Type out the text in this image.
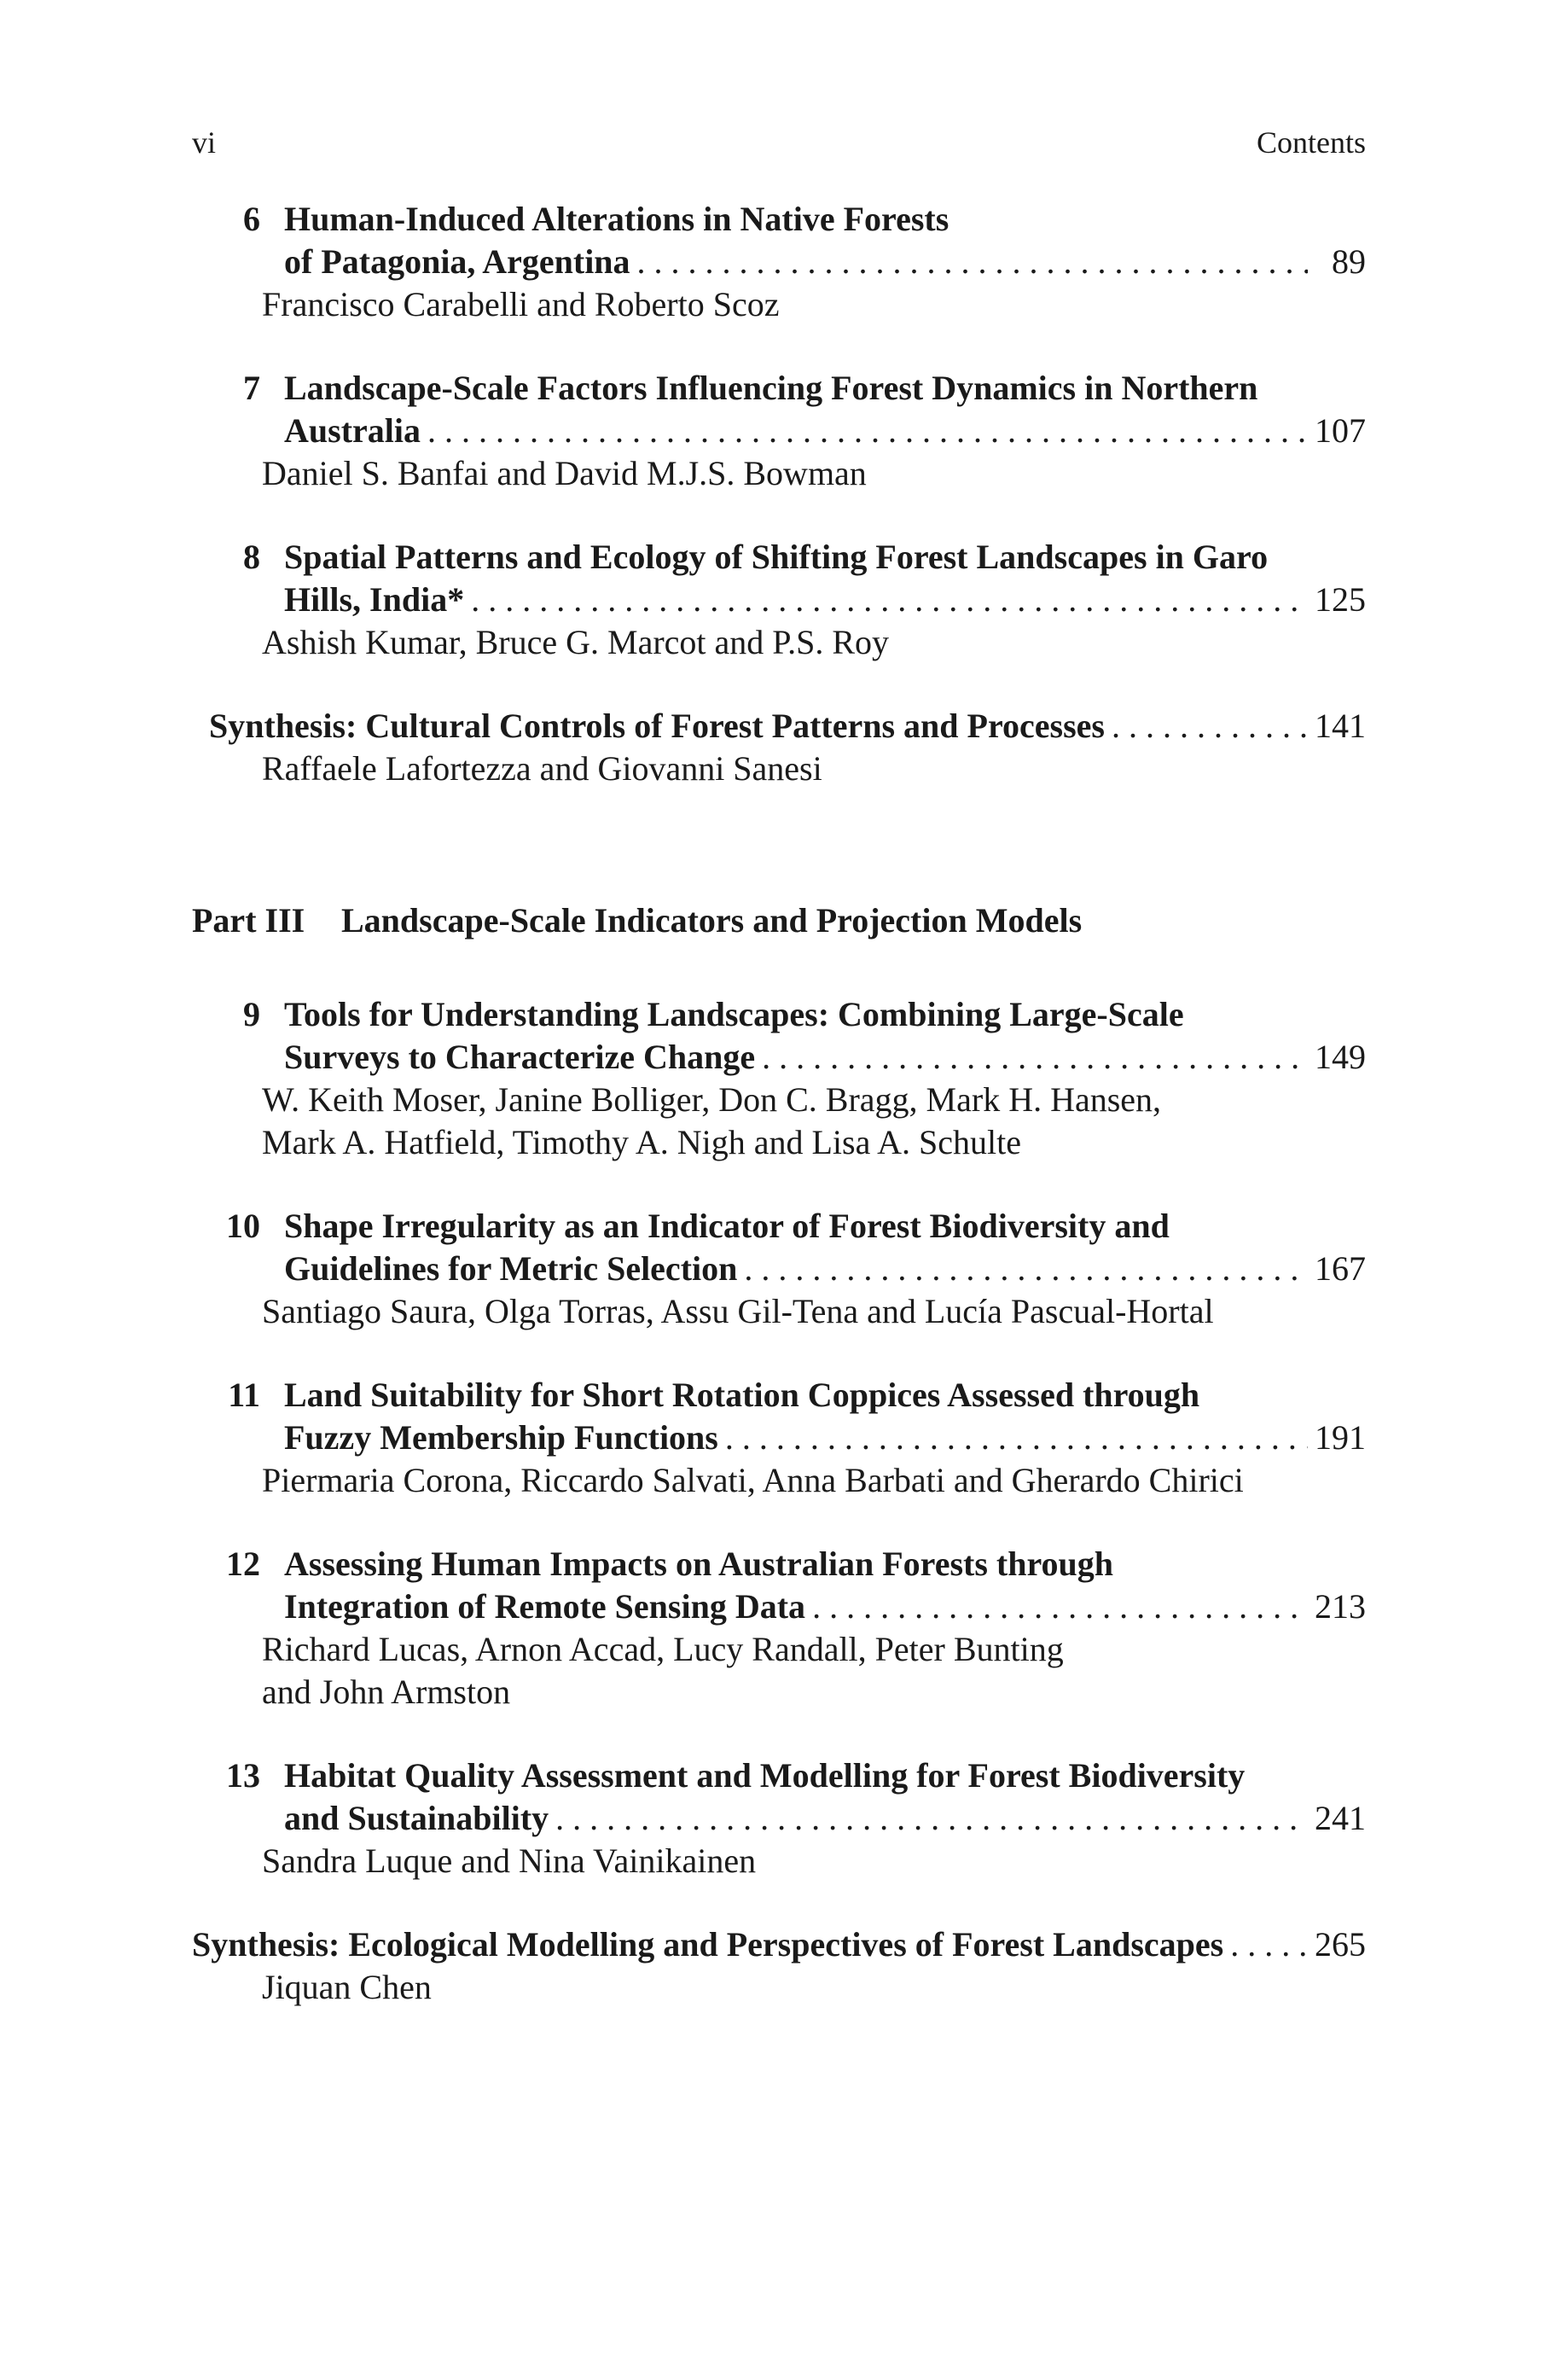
vi	Contents
6 Human-Induced Alterations in Native Forests
of Patagonia, Argentina . . .	89
Francisco Carabelli and Roberto Scoz
7 Landscape-Scale Factors Influencing Forest Dynamics in Northern
Australia . . .	107
Daniel S. Banfai and David M.J.S. Bowman
8 Spatial Patterns and Ecology of Shifting Forest Landscapes in Garo
Hills, India* . . .	125
Ashish Kumar, Bruce G. Marcot and P.S. Roy
Synthesis: Cultural Controls of Forest Patterns and Processes . . .	141
Raffaele Lafortezza and Giovanni Sanesi
Part III	Landscape-Scale Indicators and Projection Models
9 Tools for Understanding Landscapes: Combining Large-Scale
Surveys to Characterize Change . . .	149
W. Keith Moser, Janine Bolliger, Don C. Bragg, Mark H. Hansen,
Mark A. Hatfield, Timothy A. Nigh and Lisa A. Schulte
10 Shape Irregularity as an Indicator of Forest Biodiversity and
Guidelines for Metric Selection . . .	167
Santiago Saura, Olga Torras, Assu Gil-Tena and Lucía Pascual-Hortal
11 Land Suitability for Short Rotation Coppices Assessed through
Fuzzy Membership Functions . . .	191
Piermaria Corona, Riccardo Salvati, Anna Barbati and Gherardo Chirici
12 Assessing Human Impacts on Australian Forests through
Integration of Remote Sensing Data . . .	213
Richard Lucas, Arnon Accad, Lucy Randall, Peter Bunting
and John Armston
13 Habitat Quality Assessment and Modelling for Forest Biodiversity
and Sustainability . . .	241
Sandra Luque and Nina Vainikainen
Synthesis: Ecological Modelling and Perspectives of Forest Landscapes . . .	265
Jiquan Chen
